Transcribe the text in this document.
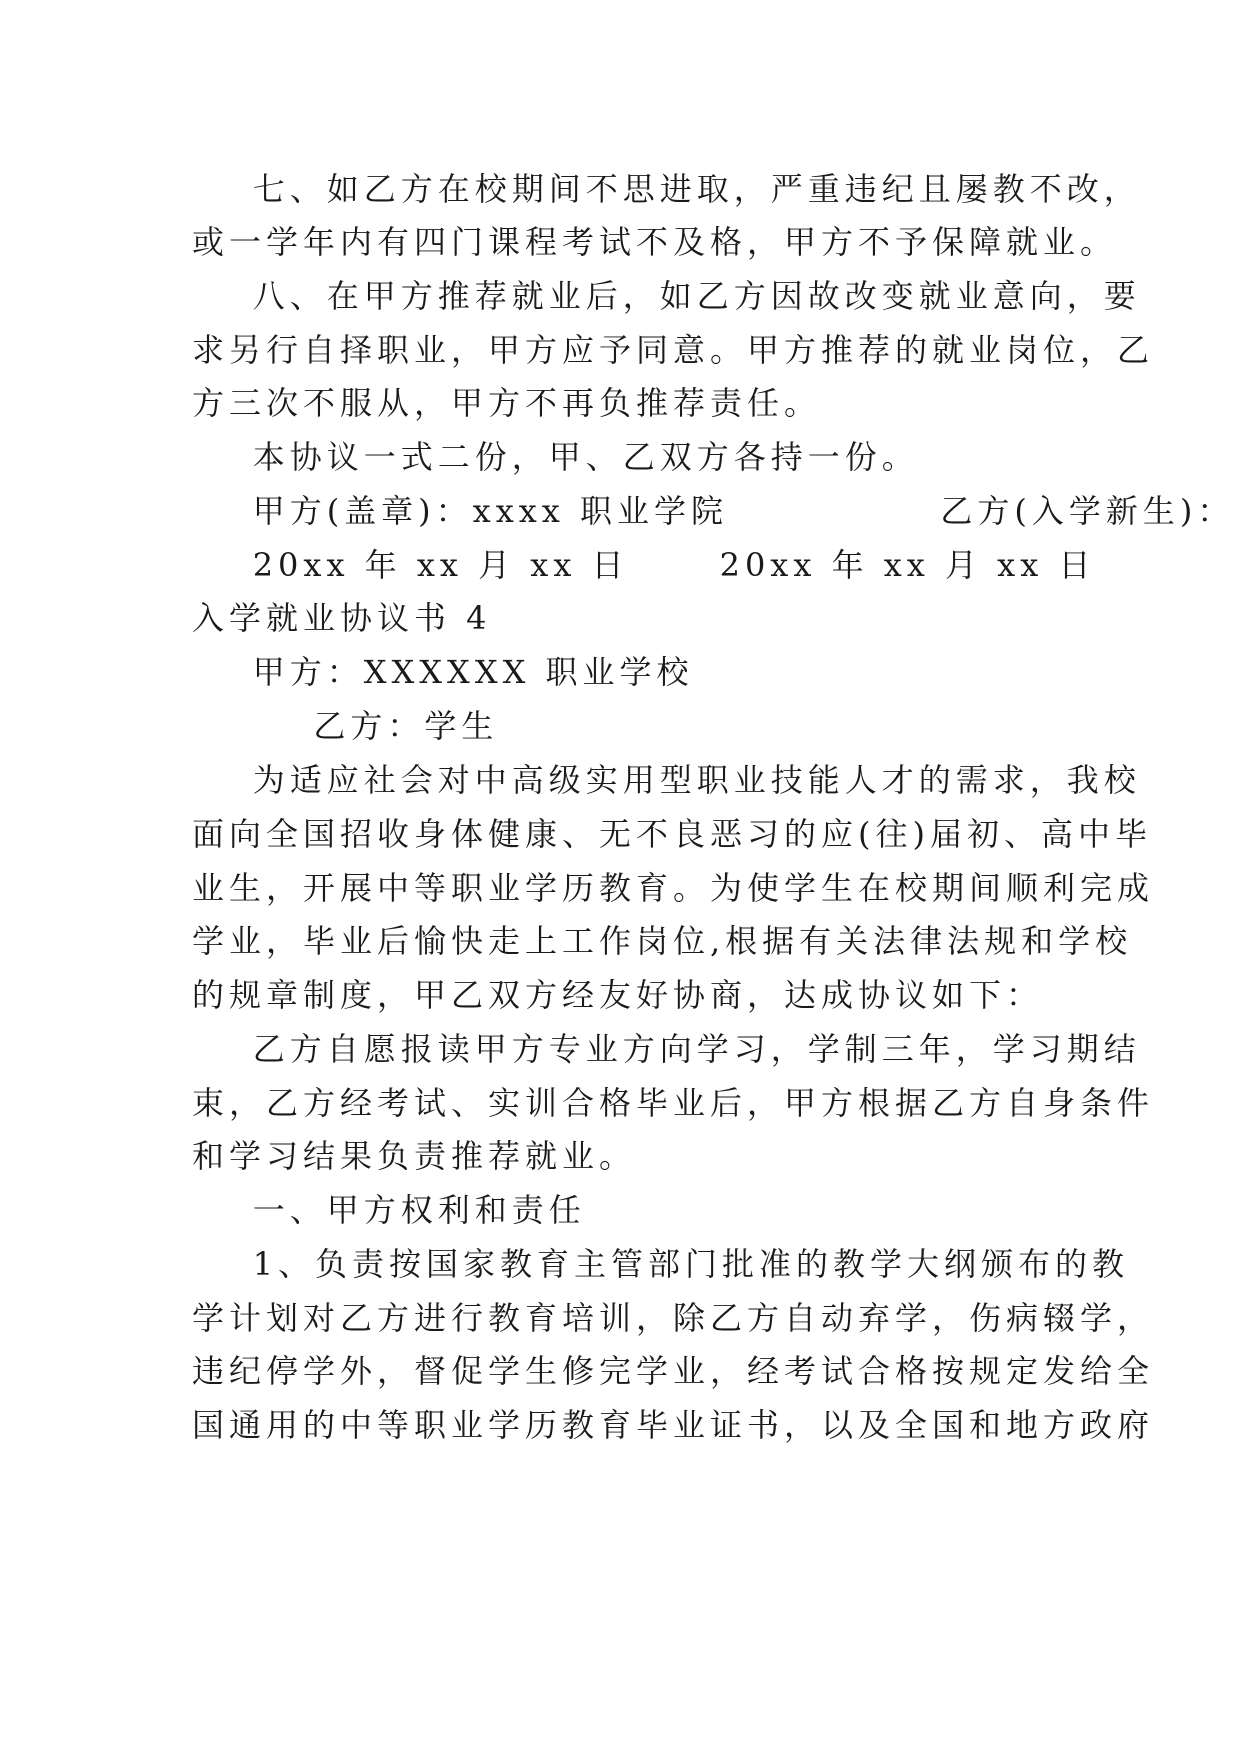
七、如乙方在校期间不思进取，严重违纪且屡教不改，
或一学年内有四门课程考试不及格，甲方不予保障就业。
八、在甲方推荐就业后，如乙方因故改变就业意向，要
求另行自择职业，甲方应予同意。甲方推荐的就业岗位，乙
方三次不服从，甲方不再负推荐责任。
本协议一式二份，甲、乙双方各持一份。
甲方(盖章)：xxxx 职业学院              乙方(入学新生)：
20xx 年 xx 月 xx 日      20xx 年 xx 月 xx 日
入学就业协议书 4
甲方：XXXXXX 职业学校
乙方：学生
为适应社会对中高级实用型职业技能人才的需求，我校
面向全国招收身体健康、无不良恶习的应(往)届初、高中毕
业生，开展中等职业学历教育。为使学生在校期间顺利完成
学业，毕业后愉快走上工作岗位,根据有关法律法规和学校
的规章制度，甲乙双方经友好协商，达成协议如下：
乙方自愿报读甲方专业方向学习，学制三年，学习期结
束，乙方经考试、实训合格毕业后，甲方根据乙方自身条件
和学习结果负责推荐就业。
一、甲方权利和责任
1、负责按国家教育主管部门批准的教学大纲颁布的教
学计划对乙方进行教育培训，除乙方自动弃学，伤病辍学，
违纪停学外，督促学生修完学业，经考试合格按规定发给全
国通用的中等职业学历教育毕业证书，以及全国和地方政府
